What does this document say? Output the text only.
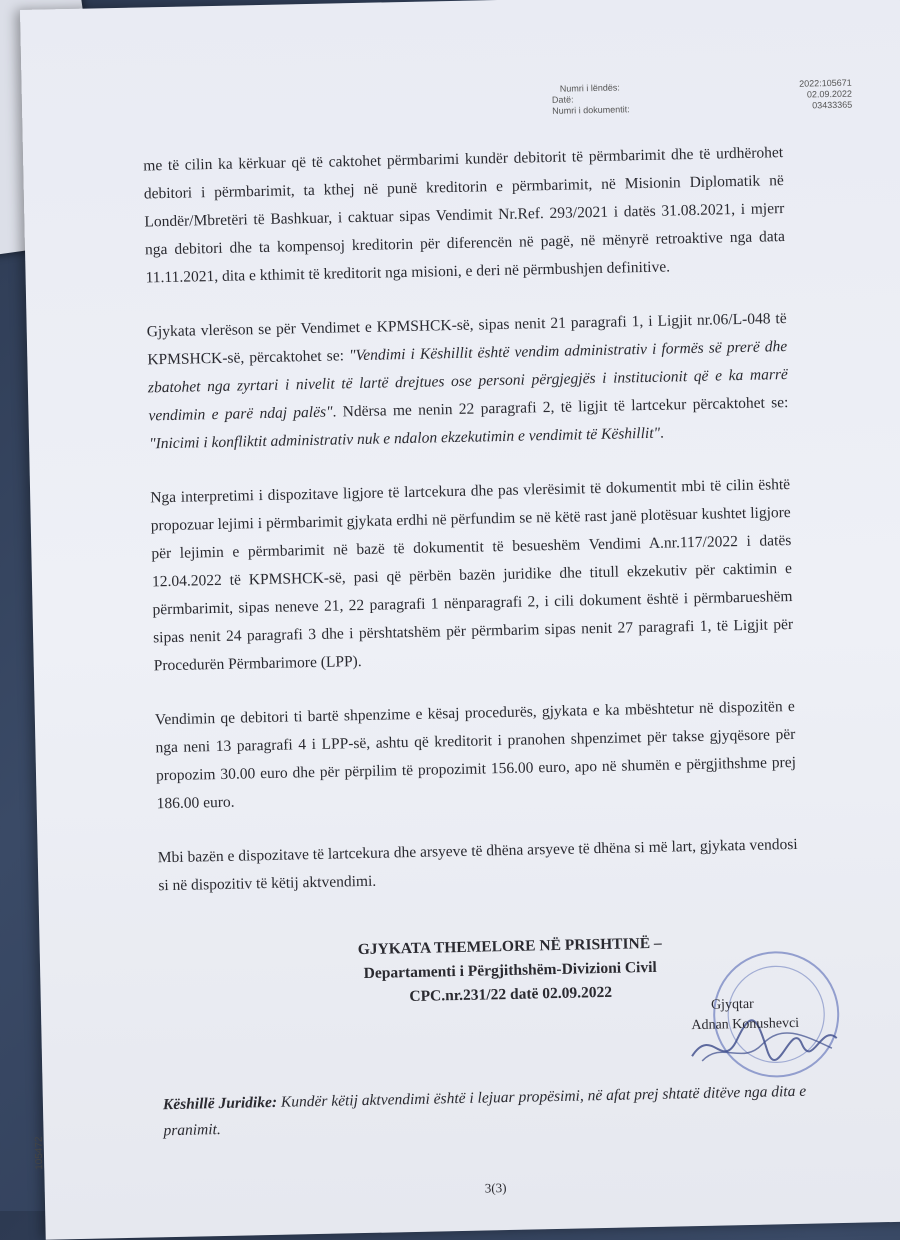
Numri i lëndës:	2022:105671
Datë:
02.09.2022
Numri i dokumentit:	03433365

me të cilin ka kërkuar që të caktohet përmbarimi kundër debitorit të përmbarimit dhe të urdhërohet debitori i përmbarimit, ta kthej në punë kreditorin e përmbarimit, në Misionin Diplomatik në Londër/Mbretëri të Bashkuar, i caktuar sipas Vendimit Nr.Ref. 293/2021 i datës 31.08.2021, i mjerr nga debitori dhe ta kompensoj kreditorin për diferencën në pagë, në mënyrë retroaktive nga data 11.11.2021, dita e kthimit të kreditorit nga misioni, e deri në përmbushjen definitive.

Gjykata vlerëson se për Vendimet e KPMSHCK-së, sipas nenit 21 paragrafi 1, i Ligjit nr.06/L-048 të KPMSHCK-së, përcaktohet se: "Vendimi i Këshillit është vendim administrativ i formës së prerë dhe zbatohet nga zyrtari i nivelit të lartë drejtues ose personi përgjegjës i institucionit që e ka marrë vendimin e parë ndaj palës". Ndërsa me nenin 22 paragrafi 2, të ligjit të lartcekur përcaktohet se: "Inicimi i konfliktit administrativ nuk e ndalon ekzekutimin e vendimit të Këshillit".

Nga interpretimi i dispozitave ligjore të lartcekura dhe pas vlerësimit të dokumentit mbi të cilin është propozuar lejimi i përmbarimit gjykata erdhi në përfundim se në këtë rast janë plotësuar kushtet ligjore për lejimin e përmbarimit në bazë të dokumentit të besueshëm Vendimi A.nr.117/2022 i datës 12.04.2022 të KPMSHCK-së, pasi që përbën bazën juridike dhe titull ekzekutiv për caktimin e përmbarimit, sipas neneve 21, 22 paragrafi 1 nënparagrafi 2, i cili dokument është i përmbarueshëm sipas nenit 24 paragrafi 3 dhe i përshtatshëm për përmbarim sipas nenit 27 paragrafi 1, të Ligjit për Procedurën Përmbarimore (LPP).

Vendimin qe debitori ti bartë shpenzime e kësaj procedurës, gjykata e ka mbështetur në dispozitën e nga neni 13 paragrafi 4 i LPP-së, ashtu që kreditorit i pranohen shpenzimet për takse gjyqësore për propozim 30.00 euro dhe për përpilim të propozimit 156.00 euro, apo në shumën e përgjithshme prej 186.00 euro.

Mbi bazën e dispozitave të lartcekura dhe arsyeve të dhëna arsyeve të dhëna si më lart, gjykata vendosi si në dispozitiv të këtij aktvendimi.

GJYKATA THEMELORE NË PRISHTINË –
Departamenti i Përgjithshëm-Divizioni Civil
CPC.nr.231/22 datë 02.09.2022	Gjyqtar
Adnan Konushevci
Këshillë Juridike: Kundër këtij aktvendimi është i lejuar propësimi, në afat prej shtatë ditëve nga dita e pranimit.
3(3)
105472
